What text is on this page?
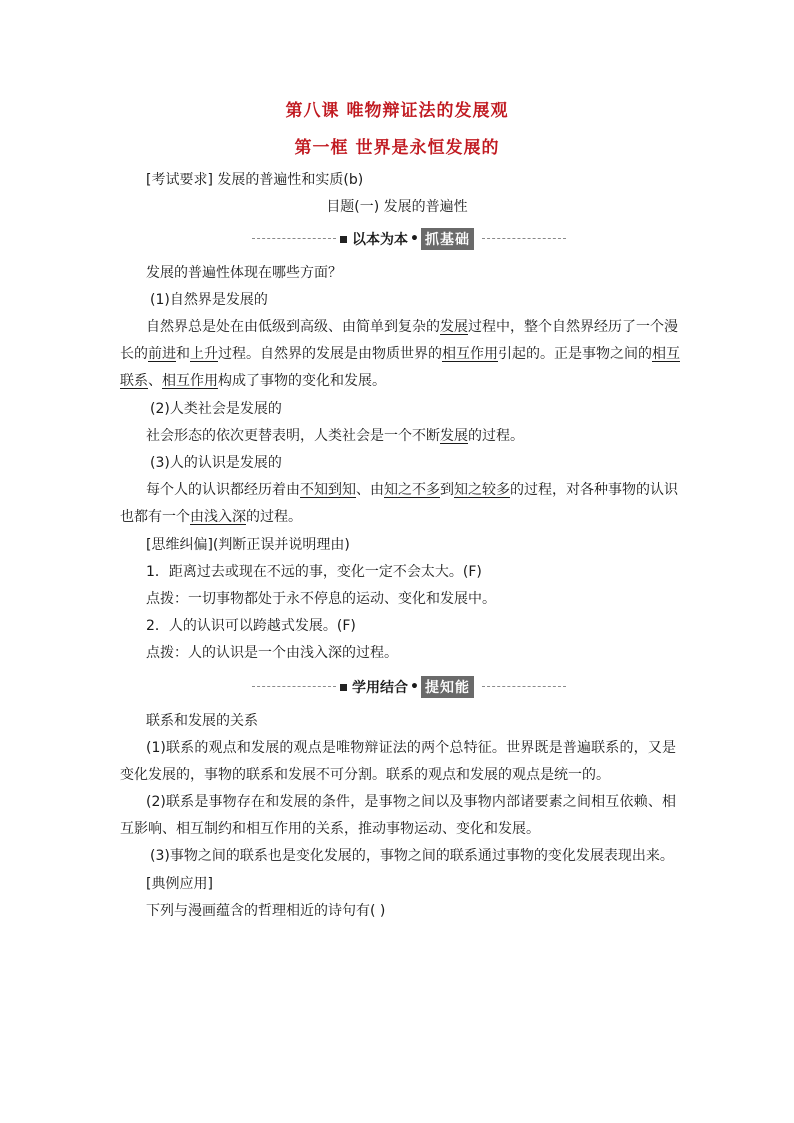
第八课 唯物辩证法的发展观
第一框 世界是永恒发展的
[考试要求] 发展的普遍性和实质(b)
目题(一) 发展的普遍性
以本为本 • 抓基础
发展的普遍性体现在哪些方面？
(1)自然界是发展的
自然界总是处在由低级到高级、由简单到复杂的发展过程中，整个自然界经历了一个漫
长的前进和上升过程。自然界的发展是由物质世界的相互作用引起的。正是事物之间的相互
联系、相互作用构成了事物的变化和发展。
(2)人类社会是发展的
社会形态的依次更替表明，人类社会是一个不断发展的过程。
(3)人的认识是发展的
每个人的认识都经历着由不知到知、由知之不多到知之较多的过程，对各种事物的认识
也都有一个由浅入深的过程。
[思维纠偏](判断正误并说明理由)
1．距离过去或现在不远的事，变化一定不会太大。(F)
点拨：一切事物都处于永不停息的运动、变化和发展中。
2．人的认识可以跨越式发展。(F)
点拨：人的认识是一个由浅入深的过程。
学用结合 • 提知能
联系和发展的关系
(1)联系的观点和发展的观点是唯物辩证法的两个总特征。世界既是普遍联系的，又是
变化发展的，事物的联系和发展不可分割。联系的观点和发展的观点是统一的。
(2)联系是事物存在和发展的条件，是事物之间以及事物内部诸要素之间相互依赖、相
互影响、相互制约和相互作用的关系，推动事物运动、变化和发展。
(3)事物之间的联系也是变化发展的，事物之间的联系通过事物的变化发展表现出来。
[典例应用]
下列与漫画蕴含的哲理相近的诗句有( )
